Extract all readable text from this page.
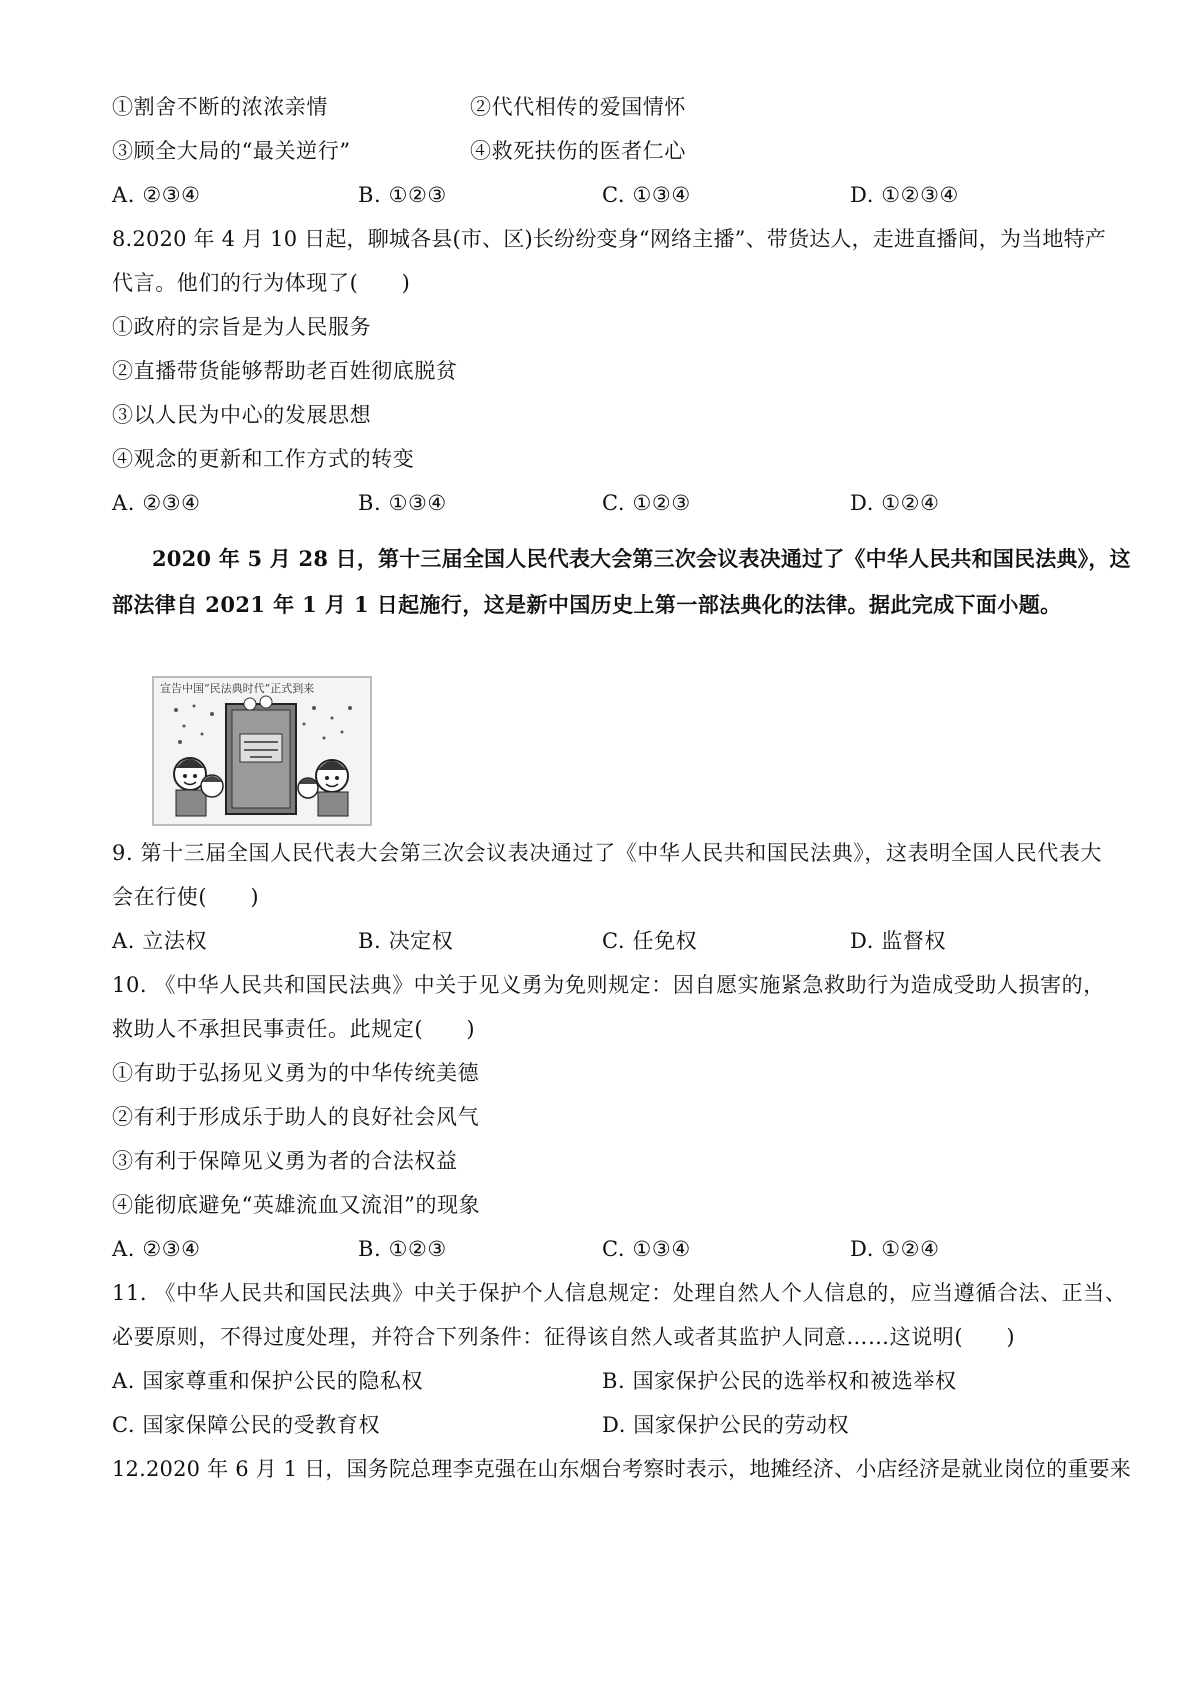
①割舍不断的浓浓亲情	②代代相传的爱国情怀
③顾全大局的“最关逆行”	④救死扶伤的医者仁心
A. ②③④	B. ①②③	C. ①③④	D. ①②③④
8.2020 年 4 月 10 日起，聊城各县(市、区)长纷纷变身“网络主播”、带货达人，走进直播间，为当地特产
代言。他们的行为体现了(　　)
①政府的宗旨是为人民服务
②直播带货能够帮助老百姓彻底脱贫
③以人民为中心的发展思想
④观念的更新和工作方式的转变
A. ②③④	B. ①③④	C. ①②③	D. ①②④
2020 年 5 月 28 日，第十三届全国人民代表大会第三次会议表决通过了《中华人民共和国民法典》，这
部法律自 2021 年 1 月 1 日起施行，这是新中国历史上第一部法典化的法律。据此完成下面小题。
宣告中国“民法典时代”正式到来
9. 第十三届全国人民代表大会第三次会议表决通过了《中华人民共和国民法典》，这表明全国人民代表大
会在行使(　　)
A. 立法权	B. 决定权	C. 任免权	D. 监督权
10. 《中华人民共和国民法典》中关于见义勇为免则规定：因自愿实施紧急救助行为造成受助人损害的，
救助人不承担民事责任。此规定(　　)
①有助于弘扬见义勇为的中华传统美德
②有利于形成乐于助人的良好社会风气
③有利于保障见义勇为者的合法权益
④能彻底避免“英雄流血又流泪”的现象
A. ②③④	B. ①②③	C. ①③④	D. ①②④
11. 《中华人民共和国民法典》中关于保护个人信息规定：处理自然人个人信息的，应当遵循合法、正当、
必要原则，不得过度处理，并符合下列条件：征得该自然人或者其监护人同意……这说明(　　)
A. 国家尊重和保护公民的隐私权	B. 国家保护公民的选举权和被选举权
C. 国家保障公民的受教育权	D. 国家保护公民的劳动权
12.2020 年 6 月 1 日，国务院总理李克强在山东烟台考察时表示，地摊经济、小店经济是就业岗位的重要来
